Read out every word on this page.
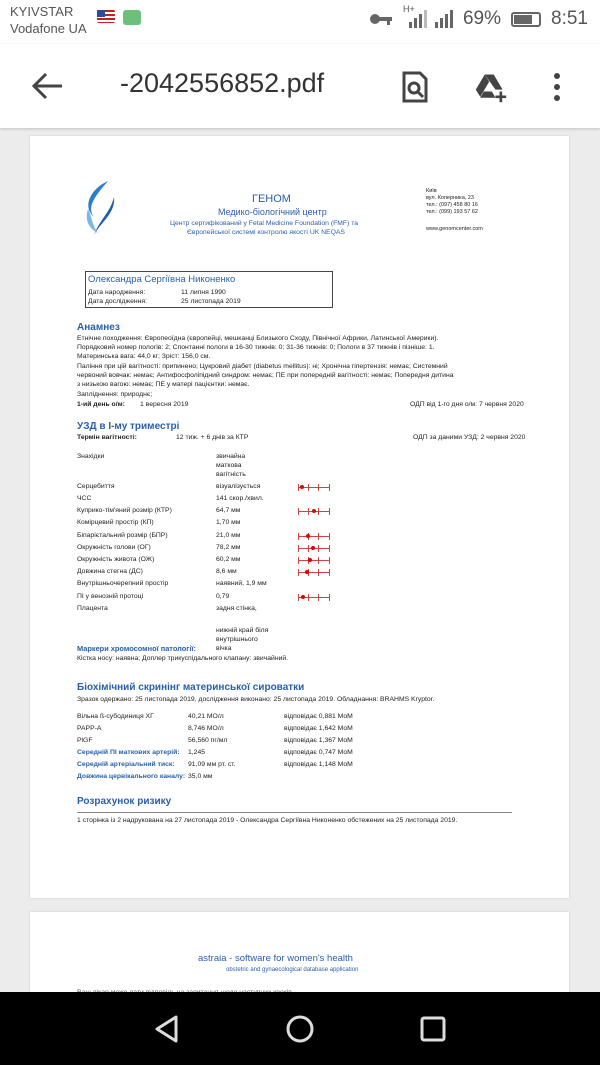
KYIVSTAR
Vodafone UA
H+	69%	8:51
-2042556852.pdf
ГЕНОМ
Медико-біологічний центр
Центр сертифікований у Fetal Medicine Foundation (FMF) та
Європейської системі контролю якості UK NEQAS
Київ
вул. Коперника, 23
тел.: (097) 458 80 16
тел.: (099) 193 57 62
www.genomcenter.com
Олександра Сергіївна Никоненко
Дата народження:	11 липня 1990
Дата дослідження:	25 листопада 2019
Анамнез
Етнічне походження: Європеоїдна (європейці, мешканці Близького Сходу, Північної Африки, Латинської Америки).
Порядковий номер пологів: 2; Спонтанні пологи в 16-30 тижнів: 0; 31-36 тижнів: 0; Пологи в 37 тижнів і пізніше: 1.
Материнська вага: 44,0 кг; Зріст: 156,0 см.
Паління при цій вагітності: припинено; Цукровий діабет (diabetus mellitus): ні; Хронічна гіпертензія: немає; Системний
червоний вовчак: немає; Антифосфоліпідний синдром: немає; ПЕ при попередній вагітності: немає; Попередня дитина
з низькою вагою: немає; ПЕ у матері пацієнтки: немає.
Запліднення: природнє;
1-ий день о/м: 1 вересня 2019	ОДП від 1-го дня о/м: 7 червня 2020
УЗД в І-му триместрі
Термін вагітності:	12 тиж. + 6 днів за КТР	ОДП за даними УЗД: 2 червня 2020
Знахідки	звичайна
маткова
вагітність
Серцебиття	візуалізується
ЧСС	141 скор./хвил.
Куприко-тім'яний розмір (КТР)	64,7 мм
Комірцевий простір (КП)	1,70 мм
Біпарієтальний розмір (БПР)	21,0 мм
Окружність голови (ОГ)	78,2 мм
Окружність живота (ОЖ)	60,2 мм
Довжина стегна (ДС)	8,6 мм
Внутрішньочерепний простір	наявний, 1,9 мм
ПІ у венозній протоці	0,79
Плацента	задня стінка,
нижній край біля
внутрішнього
вічка
Маркери хромосомної патології:
Кістка носу: наявна; Доплер трикуспідального клапану: звичайний.
Біохімічний скринінг материнської сироватки
Зразок одержано: 25 листопада 2019, дослідження виконано: 25 листопада 2019. Обладнання: BRAHMS Kryptor.
Вільна ß-субодиниця ХГ	40,21 МО/л	відповідає 0,881 МоМ
PAPP-A	8,746 МО/л	відповідає 1,642 МоМ
PlGF	56,560 пг/мл	відповідає 1,367 МоМ
Середній ПІ маткових артерій: 1,245	відповідає 0,747 МоМ
Середній артеріальний тиск: 91,09 мм рт. ст.	відповідає 1,148 МоМ
Довжина цервікального каналу: 35,0 мм
Розрахунок ризику
1 сторінка із 2 надрукована на 27 листопада 2019 - Олександра Сергіївна Никоненко обстежених на 25 листопада 2019.
astraia - software for women's health
obstetric and gynaecological database application
